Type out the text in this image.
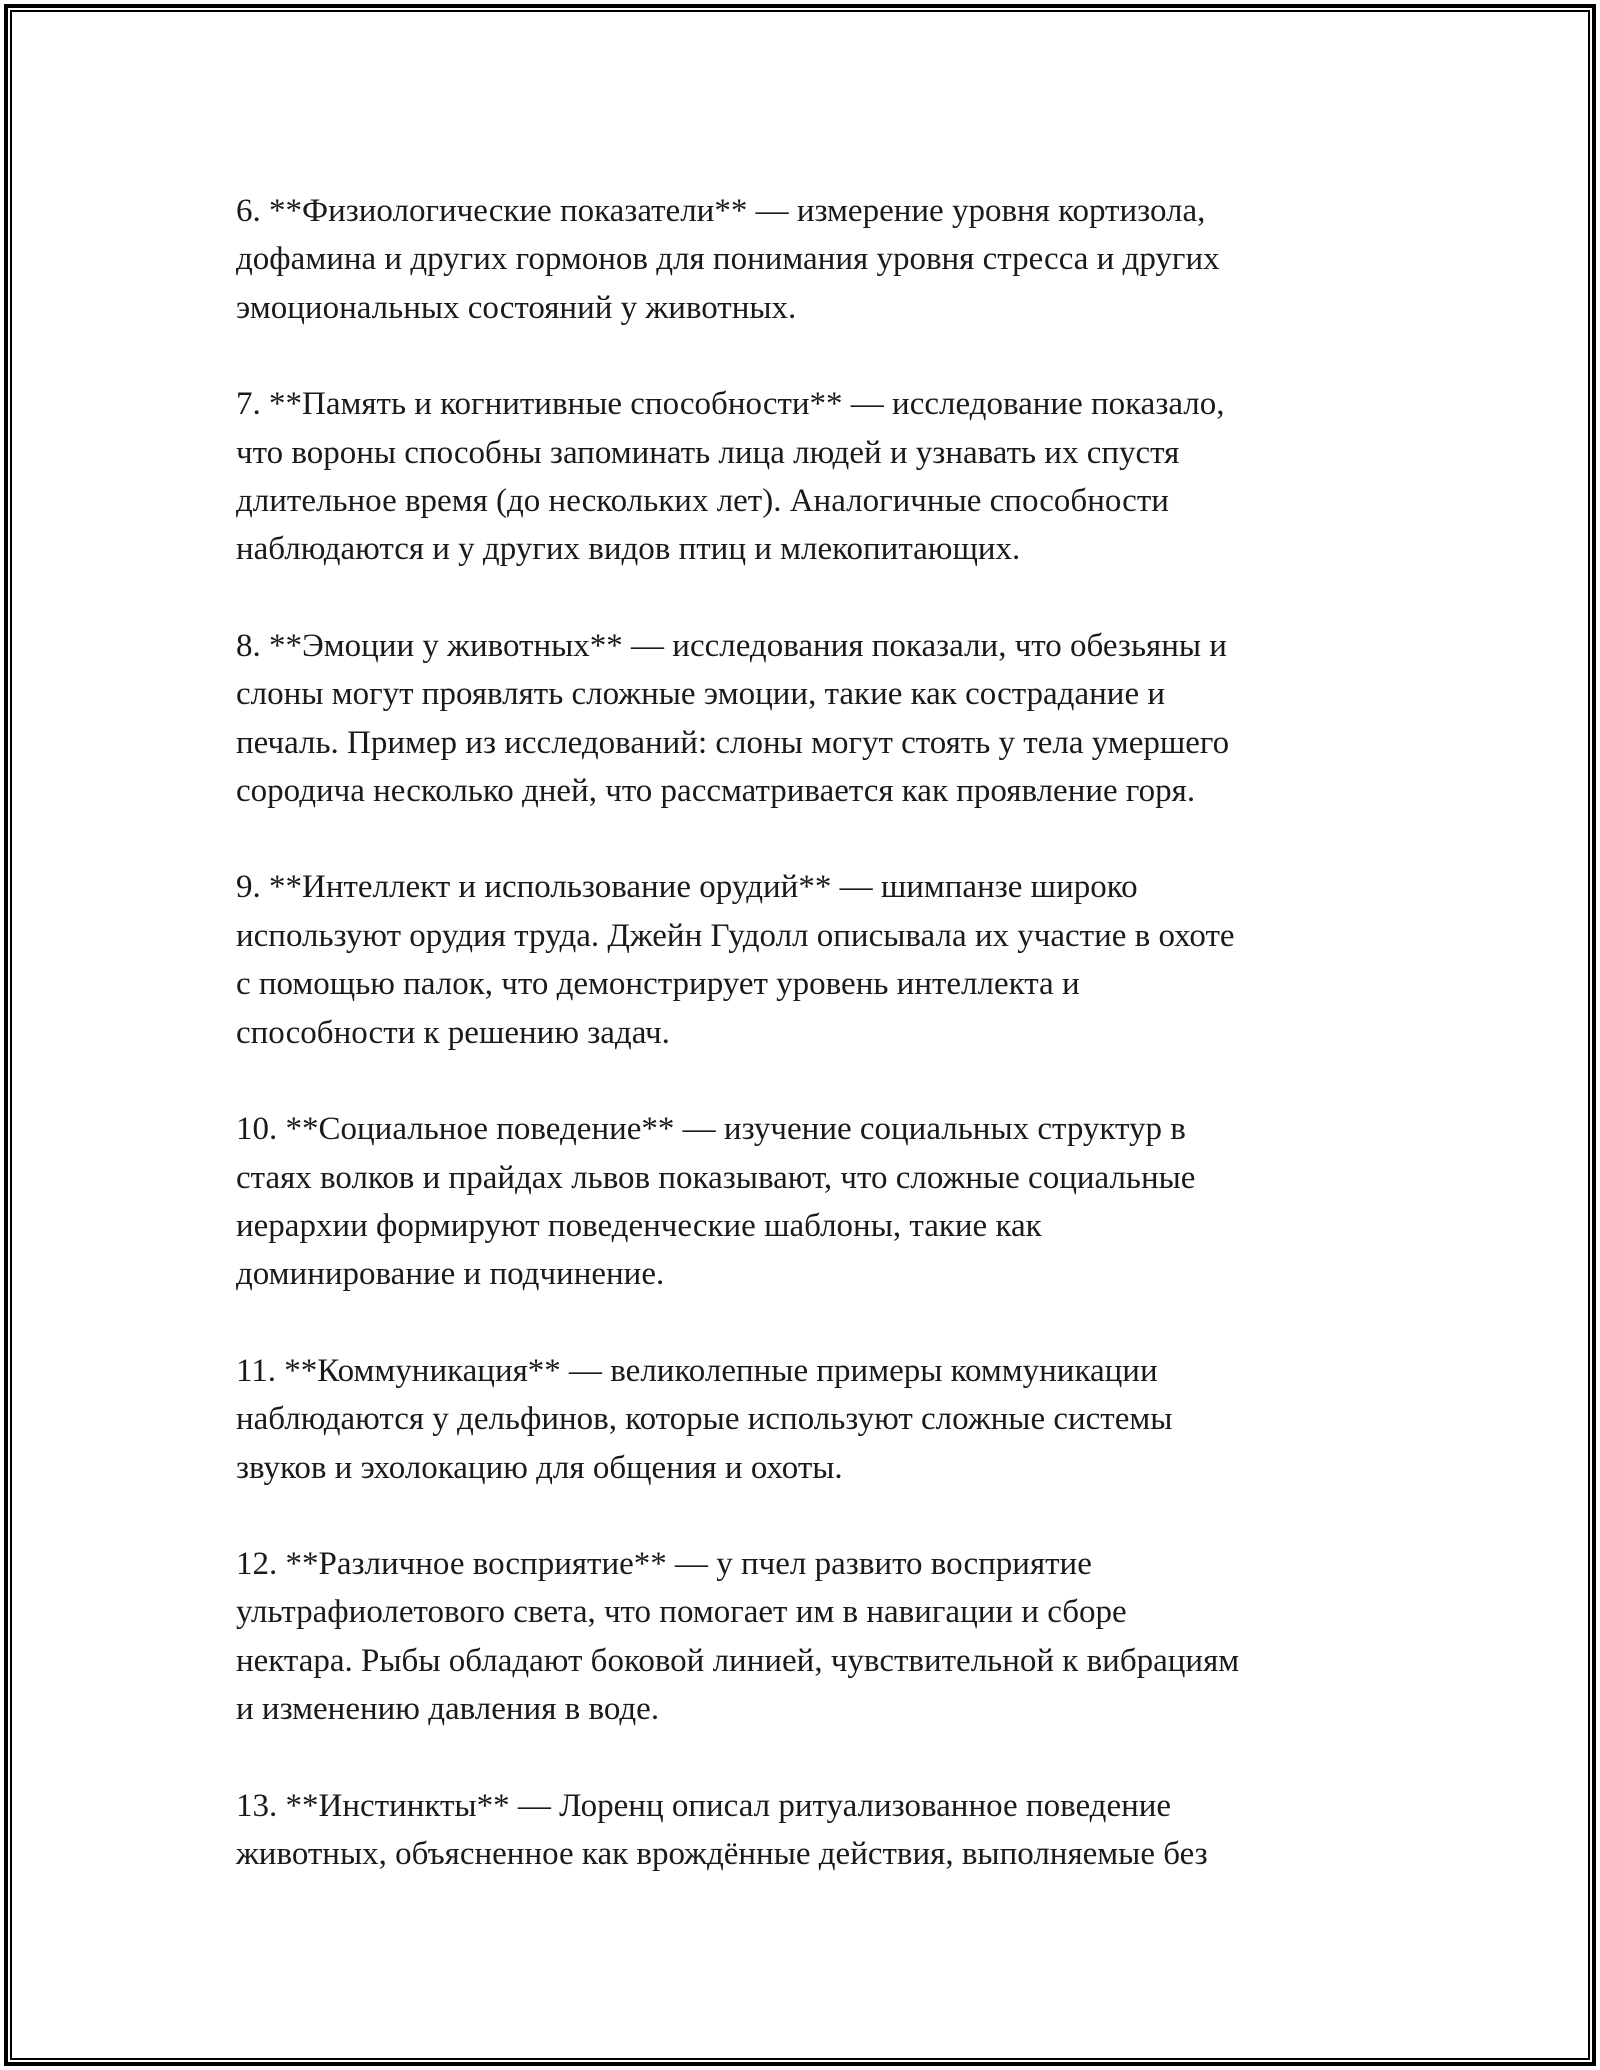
6. **Физиологические показатели** — измерение уровня кортизола,
дофамина и других гормонов для понимания уровня стресса и других
эмоциональных состояний у животных.

7. **Память и когнитивные способности** — исследование показало,
что вороны способны запоминать лица людей и узнавать их спустя
длительное время (до нескольких лет). Аналогичные способности
наблюдаются и у других видов птиц и млекопитающих.

8. **Эмоции у животных** — исследования показали, что обезьяны и
слоны могут проявлять сложные эмоции, такие как сострадание и
печаль. Пример из исследований: слоны могут стоять у тела умершего
сородича несколько дней, что рассматривается как проявление горя.

9. **Интеллект и использование орудий** — шимпанзе широко
используют орудия труда. Джейн Гудолл описывала их участие в охоте
с помощью палок, что демонстрирует уровень интеллекта и
способности к решению задач.

10. **Социальное поведение** — изучение социальных структур в
стаях волков и прайдах львов показывают, что сложные социальные
иерархии формируют поведенческие шаблоны, такие как
доминирование и подчинение.

11. **Коммуникация** — великолепные примеры коммуникации
наблюдаются у дельфинов, которые используют сложные системы
звуков и эхолокацию для общения и охоты.

12. **Различное восприятие** — у пчел развито восприятие
ультрафиолетового света, что помогает им в навигации и сборе
нектара. Рыбы обладают боковой линией, чувствительной к вибрациям
и изменению давления в воде.

13. **Инстинкты** — Лоренц описал ритуализованное поведение
животных, объясненное как врождённые действия, выполняемые без
